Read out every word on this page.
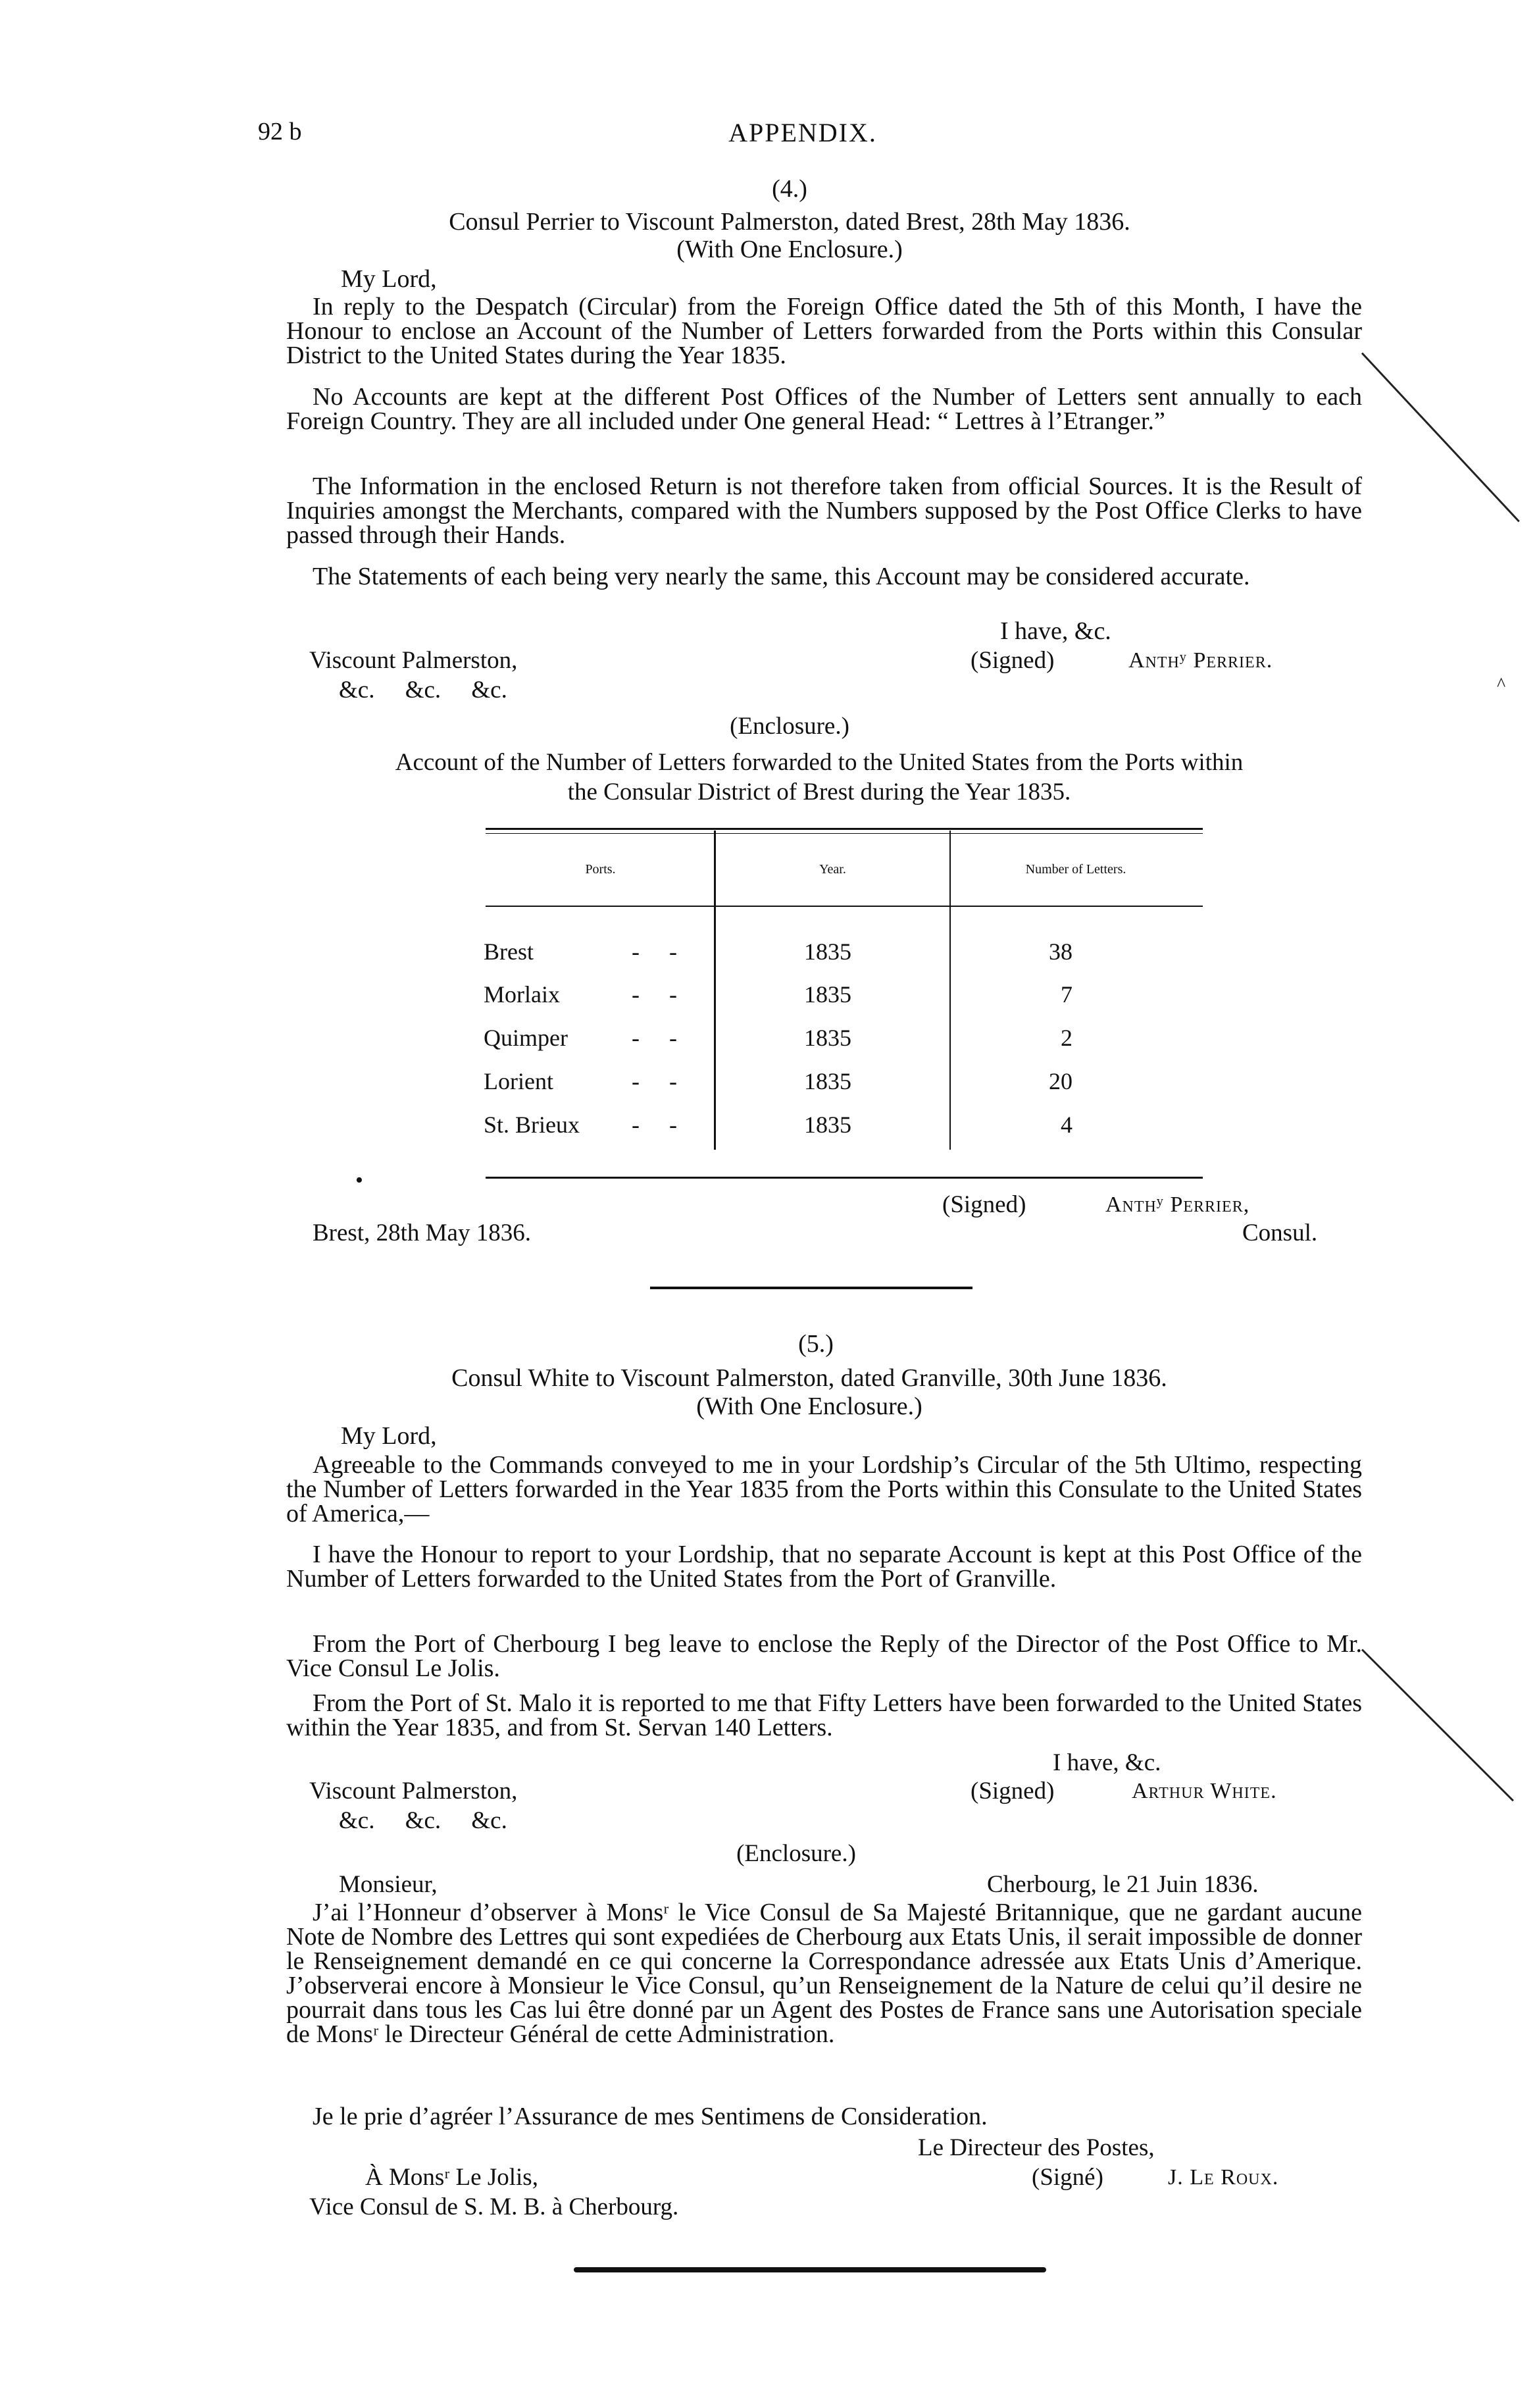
92 b	APPENDIX.
(4.)
Consul Perrier to Viscount Palmerston, dated Brest, 28th May 1836.
(With One Enclosure.)
My Lord,
In reply to the Despatch (Circular) from the Foreign Office dated the 5th of this Month, I have the Honour to enclose an Account of the Number of Letters forwarded from the Ports within this Consular District to the United States during the Year 1835.
No Accounts are kept at the different Post Offices of the Number of Letters sent annually to each Foreign Country. They are all included under One general Head: “ Lettres à l’Etranger.”
The Information in the enclosed Return is not therefore taken from official Sources. It is the Result of Inquiries amongst the Merchants, compared with the Numbers supposed by the Post Office Clerks to have passed through their Hands.
The Statements of each being very nearly the same, this Account may be considered accurate.
I have, &c.
Viscount Palmerston,	(Signed)	Anthʸ Perrier.
&c.     &c.     &c.
(Enclosure.)
Account of the Number of Letters forwarded to the United States from the Ports within
the Consular District of Brest during the Year 1835.
Ports.	Year.	Number of Letters.
Brest	-     -	1835	38
Morlaix	-     -	1835	7
Quimper	-     -	1835	2
Lorient	-     -	1835	20
St. Brieux -     -	1835	4
(Signed)	Anthʸ Perrier,
Brest, 28th May 1836.	Consul.
(5.)
Consul White to Viscount Palmerston, dated Granville, 30th June 1836.
(With One Enclosure.)
My Lord,
Agreeable to the Commands conveyed to me in your Lordship’s Circular of the 5th Ultimo, respecting the Number of Letters forwarded in the Year 1835 from the Ports within this Consulate to the United States of America,—
I have the Honour to report to your Lordship, that no separate Account is kept at this Post Office of the Number of Letters forwarded to the United States from the Port of Granville.
From the Port of Cherbourg I beg leave to enclose the Reply of the Director of the Post Office to Mr. Vice Consul Le Jolis.
From the Port of St. Malo it is reported to me that Fifty Letters have been forwarded to the United States within the Year 1835, and from St. Servan 140 Letters.
I have, &c.
Viscount Palmerston,	(Signed)	Arthur White.
&c.     &c.     &c.
(Enclosure.)
Monsieur,	Cherbourg, le 21 Juin 1836.
J’ai l’Honneur d’observer à Monsʳ le Vice Consul de Sa Majesté Britannique, que ne gardant aucune Note de Nombre des Lettres qui sont expediées de Cherbourg aux Etats Unis, il serait impossible de donner le Renseignement demandé en ce qui concerne la Correspondance adressée aux Etats Unis d’Amerique. J’observerai encore à Monsieur le Vice Consul, qu’un Renseignement de la Nature de celui qu’il desire ne pourrait dans tous les Cas lui être donné par un Agent des Postes de France sans une Autorisation speciale de Monsʳ le Directeur Général de cette Administration.
Je le prie d’agréer l’Assurance de mes Sentimens de Consideration.
Le Directeur des Postes,
À Monsʳ Le Jolis,	(Signé)	J. Le Roux.
Vice Consul de S. M. B. à Cherbourg.
^
•
